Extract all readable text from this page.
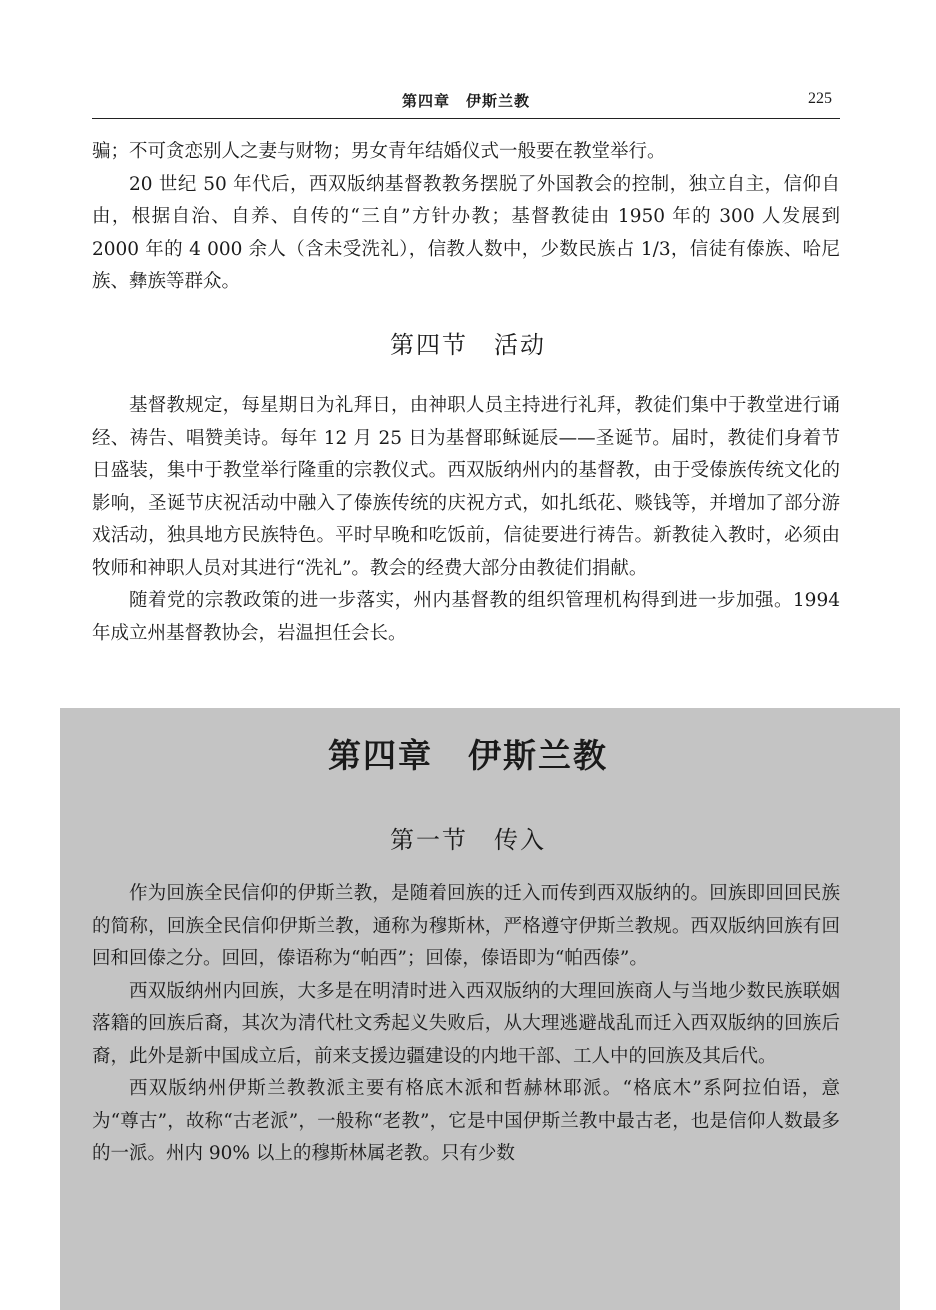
第四章　伊斯兰教	225

骗；不可贪恋别人之妻与财物；男女青年结婚仪式一般要在教堂举行。

20 世纪 50 年代后，西双版纳基督教教务摆脱了外国教会的控制，独立自主，信仰自由，根据自治、自养、自传的“三自”方针办教；基督教徒由 1950 年的 300 人发展到 2000 年的 4 000 余人（含未受洗礼），信教人数中，少数民族占 1/3，信徒有傣族、哈尼族、彝族等群众。

第四节　活动

基督教规定，每星期日为礼拜日，由神职人员主持进行礼拜，教徒们集中于教堂进行诵经、祷告、唱赞美诗。每年 12 月 25 日为基督耶稣诞辰——圣诞节。届时，教徒们身着节日盛装，集中于教堂举行隆重的宗教仪式。西双版纳州内的基督教，由于受傣族传统文化的影响，圣诞节庆祝活动中融入了傣族传统的庆祝方式，如扎纸花、赕钱等，并增加了部分游戏活动，独具地方民族特色。平时早晚和吃饭前，信徒要进行祷告。新教徒入教时，必须由牧师和神职人员对其进行“洗礼”。教会的经费大部分由教徒们捐献。

随着党的宗教政策的进一步落实，州内基督教的组织管理机构得到进一步加强。1994 年成立州基督教协会，岩温担任会长。

第四章　伊斯兰教
第一节　传入

作为回族全民信仰的伊斯兰教，是随着回族的迁入而传到西双版纳的。回族即回回民族的简称，回族全民信仰伊斯兰教，通称为穆斯林，严格遵守伊斯兰教规。西双版纳回族有回回和回傣之分。回回，傣语称为“帕西”；回傣，傣语即为“帕西傣”。

西双版纳州内回族，大多是在明清时进入西双版纳的大理回族商人与当地少数民族联姻落籍的回族后裔，其次为清代杜文秀起义失败后，从大理逃避战乱而迁入西双版纳的回族后裔，此外是新中国成立后，前来支援边疆建设的内地干部、工人中的回族及其后代。

西双版纳州伊斯兰教教派主要有格底木派和哲赫林耶派。“格底木”系阿拉伯语，意为“尊古”，故称“古老派”，一般称“老教”，它是中国伊斯兰教中最古老，也是信仰人数最多的一派。州内 90% 以上的穆斯林属老教。只有少数
